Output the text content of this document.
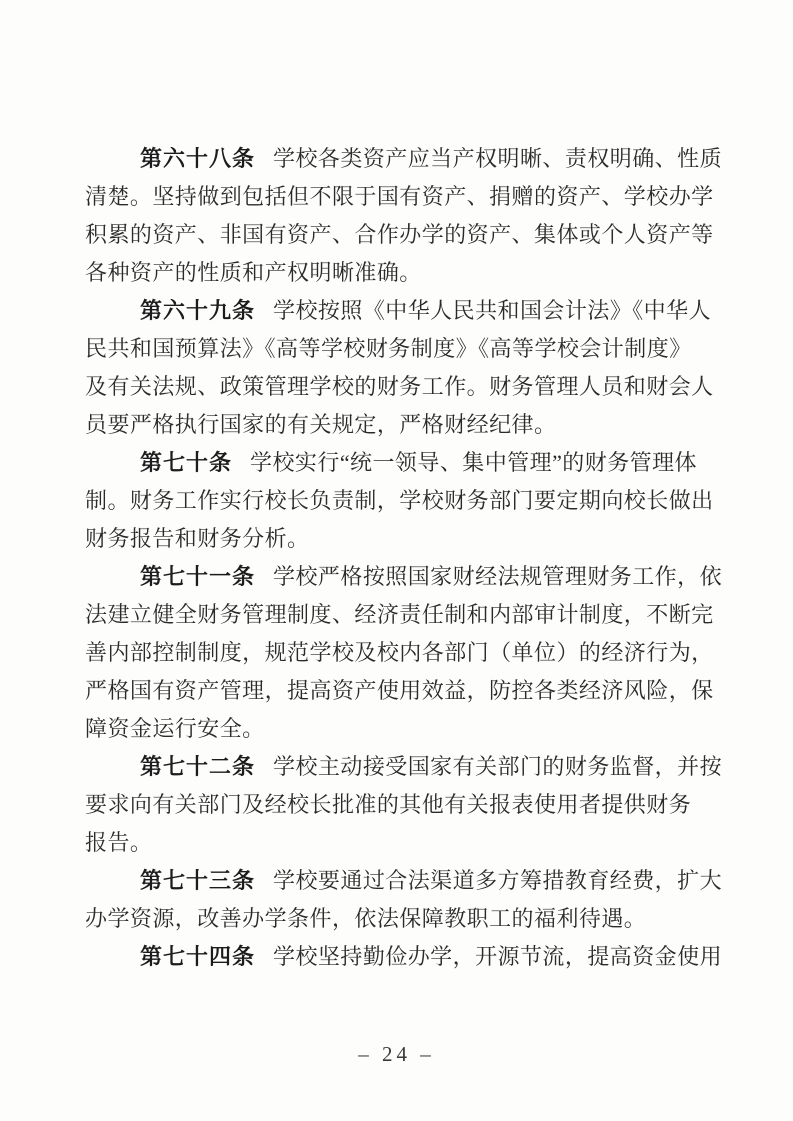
第六十八条 学校各类资产应当产权明晰、责权明确、性质
清楚。坚持做到包括但不限于国有资产、捐赠的资产、学校办学
积累的资产、非国有资产、合作办学的资产、集体或个人资产等
各种资产的性质和产权明晰准确。
第六十九条 学校按照《中华人民共和国会计法》《中华人
民共和国预算法》《高等学校财务制度》《高等学校会计制度》
及有关法规、政策管理学校的财务工作。财务管理人员和财会人
员要严格执行国家的有关规定，严格财经纪律。
第七十条 学校实行“统一领导、集中管理”的财务管理体
制。财务工作实行校长负责制，学校财务部门要定期向校长做出
财务报告和财务分析。
第七十一条 学校严格按照国家财经法规管理财务工作，依
法建立健全财务管理制度、经济责任制和内部审计制度，不断完
善内部控制制度，规范学校及校内各部门（单位）的经济行为，
严格国有资产管理，提高资产使用效益，防控各类经济风险，保
障资金运行安全。
第七十二条 学校主动接受国家有关部门的财务监督，并按
要求向有关部门及经校长批准的其他有关报表使用者提供财务
报告。
第七十三条 学校要通过合法渠道多方筹措教育经费，扩大
办学资源，改善办学条件，依法保障教职工的福利待遇。
第七十四条 学校坚持勤俭办学，开源节流，提高资金使用
– 24 –
